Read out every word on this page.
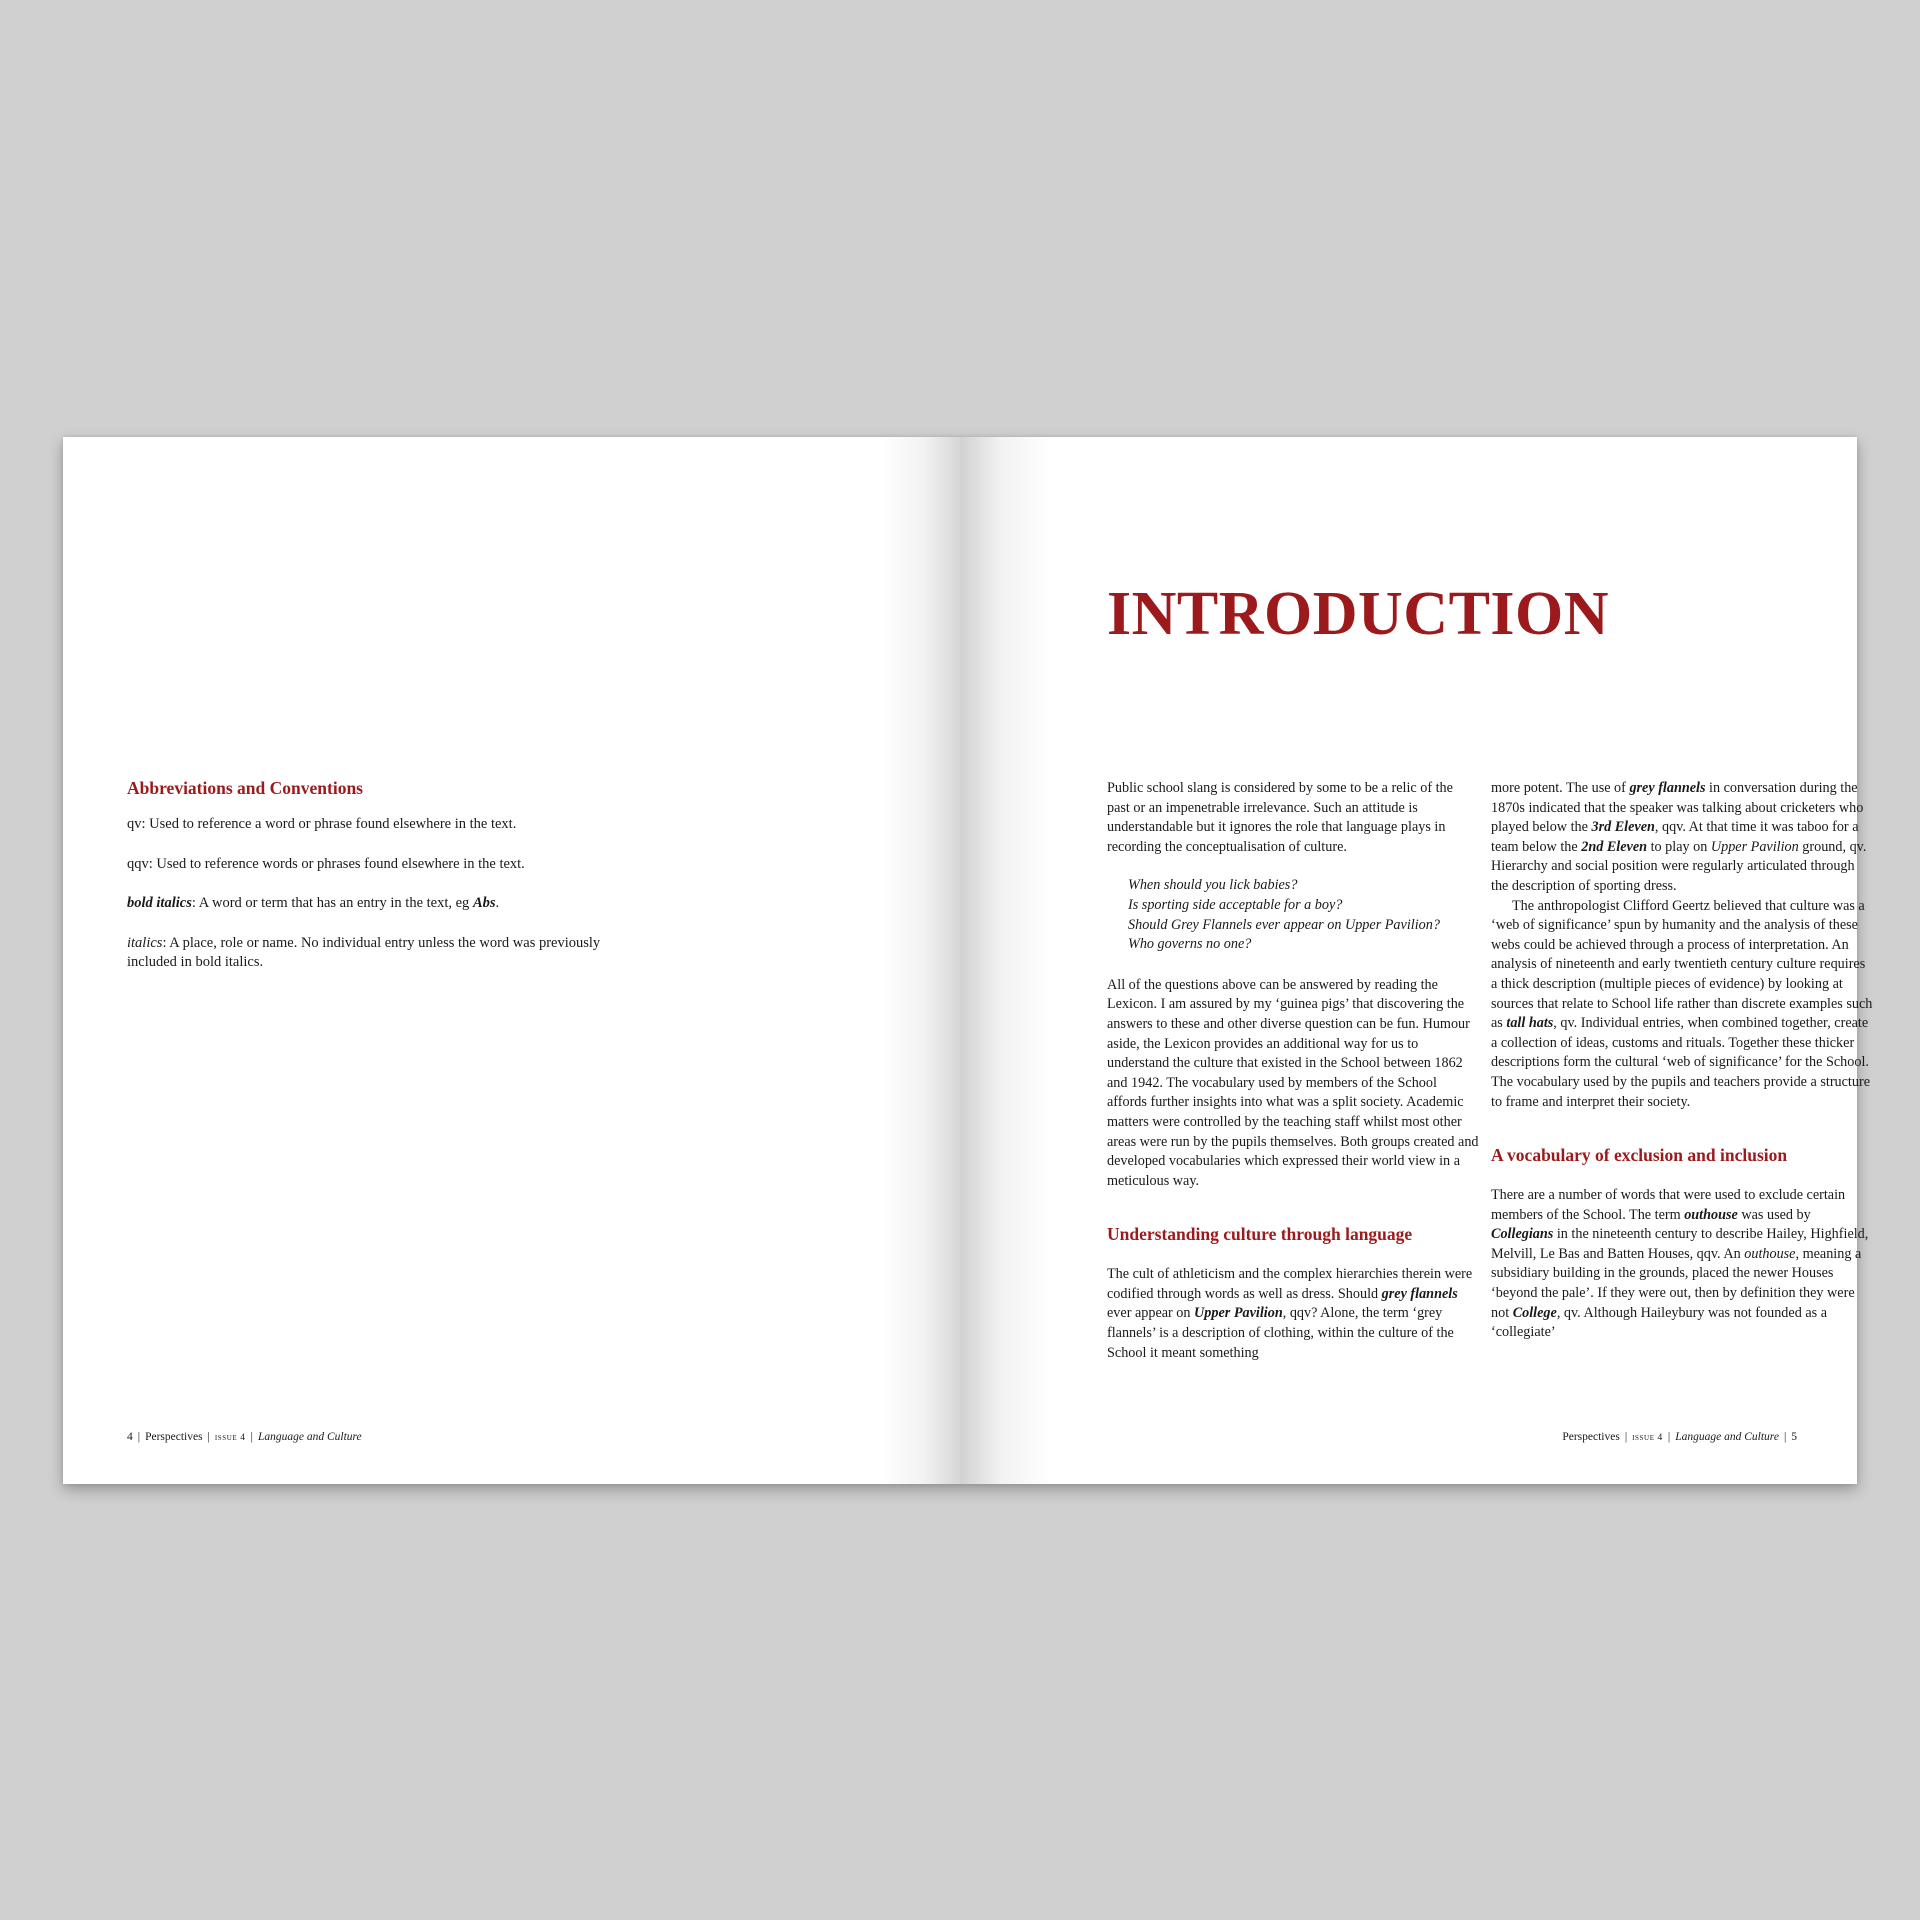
Abbreviations and Conventions

qv: Used to reference a word or phrase found elsewhere in the text.

qqv: Used to reference words or phrases found elsewhere in the text.

bold italics: A word or term that has an entry in the text, eg Abs.

italics: A place, role or name. No individual entry unless the word was previously included in bold italics.

4 | Perspectives | issue 4 | Language and Culture
INTRODUCTION

Public school slang is considered by some to be a relic of the past or an impenetrable irrelevance. Such an attitude is understandable but it ignores the role that language plays in recording the conceptualisation of culture.

When should you lick babies?

Is sporting side acceptable for a boy?

Should Grey Flannels ever appear on Upper Pavilion?

Who governs no one?

All of the questions above can be answered by reading the Lexicon. I am assured by my ‘guinea pigs’ that discovering the answers to these and other diverse question can be fun. Humour aside, the Lexicon provides an additional way for us to understand the culture that existed in the School between 1862 and 1942. The vocabulary used by members of the School affords further insights into what was a split society. Academic matters were controlled by the teaching staff whilst most other areas were run by the pupils themselves. Both groups created and developed vocabularies which expressed their world view in a meticulous way.

Understanding culture through language

The cult of athleticism and the complex hierarchies therein were codified through words as well as dress. Should grey flannels ever appear on Upper Pavilion, qqv? Alone, the term ‘grey flannels’ is a description of clothing, within the culture of the School it meant something

more potent. The use of grey flannels in conversation during the 1870s indicated that the speaker was talking about cricketers who played below the 3rd Eleven, qqv. At that time it was taboo for a team below the 2nd Eleven to play on Upper Pavilion ground, qv. Hierarchy and social position were regularly articulated through the description of sporting dress.

The anthropologist Clifford Geertz believed that culture was a ‘web of significance’ spun by humanity and the analysis of these webs could be achieved through a process of interpretation. An analysis of nineteenth and early twentieth century culture requires a thick description (multiple pieces of evidence) by looking at sources that relate to School life rather than discrete examples such as tall hats, qv. Individual entries, when combined together, create a collection of ideas, customs and rituals. Together these thicker descriptions form the cultural ‘web of significance’ for the School. The vocabulary used by the pupils and teachers provide a structure to frame and interpret their society.

A vocabulary of exclusion and inclusion

There are a number of words that were used to exclude certain members of the School. The term outhouse was used by Collegians in the nineteenth century to describe Hailey, Highfield, Melvill, Le Bas and Batten Houses, qqv. An outhouse, meaning a subsidiary building in the grounds, placed the newer Houses ‘beyond the pale’. If they were out, then by definition they were not College, qv. Although Haileybury was not founded as a ‘collegiate’

Perspectives | issue 4 | Language and Culture | 5
